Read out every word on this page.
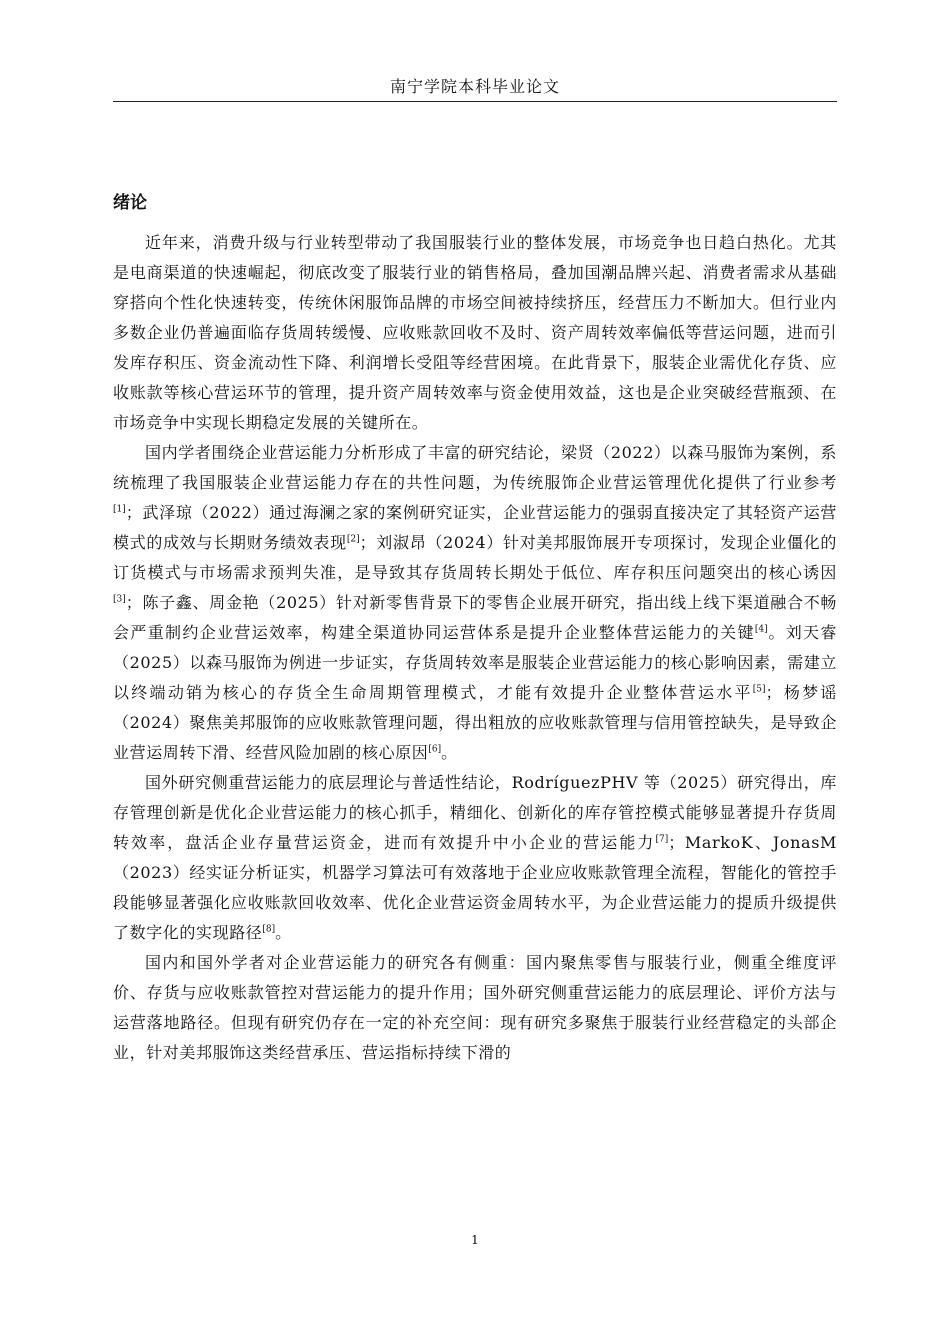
南宁学院本科毕业论文
绪论

近年来，消费升级与行业转型带动了我国服装行业的整体发展，市场竞争也日趋白热化。尤其是电商渠道的快速崛起，彻底改变了服装行业的销售格局，叠加国潮品牌兴起、消费者需求从基础穿搭向个性化快速转变，传统休闲服饰品牌的市场空间被持续挤压，经营压力不断加大。但行业内多数企业仍普遍面临存货周转缓慢、应收账款回收不及时、资产周转效率偏低等营运问题，进而引发库存积压、资金流动性下降、利润增长受阻等经营困境。在此背景下，服装企业需优化存货、应收账款等核心营运环节的管理，提升资产周转效率与资金使用效益，这也是企业突破经营瓶颈、在市场竞争中实现长期稳定发展的关键所在。

国内学者围绕企业营运能力分析形成了丰富的研究结论，梁贤（2022）以森马服饰为案例，系统梳理了我国服装企业营运能力存在的共性问题，为传统服饰企业营运管理优化提供了行业参考[1]；武泽琼（2022）通过海澜之家的案例研究证实，企业营运能力的强弱直接决定了其轻资产运营模式的成效与长期财务绩效表现[2]；刘淑昂（2024）针对美邦服饰展开专项探讨，发现企业僵化的订货模式与市场需求预判失准，是导致其存货周转长期处于低位、库存积压问题突出的核心诱因[3]；陈子鑫、周金艳（2025）针对新零售背景下的零售企业展开研究，指出线上线下渠道融合不畅会严重制约企业营运效率，构建全渠道协同运营体系是提升企业整体营运能力的关键[4]。刘天睿（2025）以森马服饰为例进一步证实，存货周转效率是服装企业营运能力的核心影响因素，需建立以终端动销为核心的存货全生命周期管理模式，才能有效提升企业整体营运水平[5]；杨梦谣（2024）聚焦美邦服饰的应收账款管理问题，得出粗放的应收账款管理与信用管控缺失，是导致企业营运周转下滑、经营风险加剧的核心原因[6]。

国外研究侧重营运能力的底层理论与普适性结论，RodríguezPHV 等（2025）研究得出，库存管理创新是优化企业营运能力的核心抓手，精细化、创新化的库存管控模式能够显著提升存货周转效率，盘活企业存量营运资金，进而有效提升中小企业的营运能力[7]；MarkoK、JonasM（2023）经实证分析证实，机器学习算法可有效落地于企业应收账款管理全流程，智能化的管控手段能够显著强化应收账款回收效率、优化企业营运资金周转水平，为企业营运能力的提质升级提供了数字化的实现路径[8]。

国内和国外学者对企业营运能力的研究各有侧重：国内聚焦零售与服装行业，侧重全维度评价、存货与应收账款管控对营运能力的提升作用；国外研究侧重营运能力的底层理论、评价方法与运营落地路径。但现有研究仍存在一定的补充空间：现有研究多聚焦于服装行业经营稳定的头部企业，针对美邦服饰这类经营承压、营运指标持续下滑的

1
